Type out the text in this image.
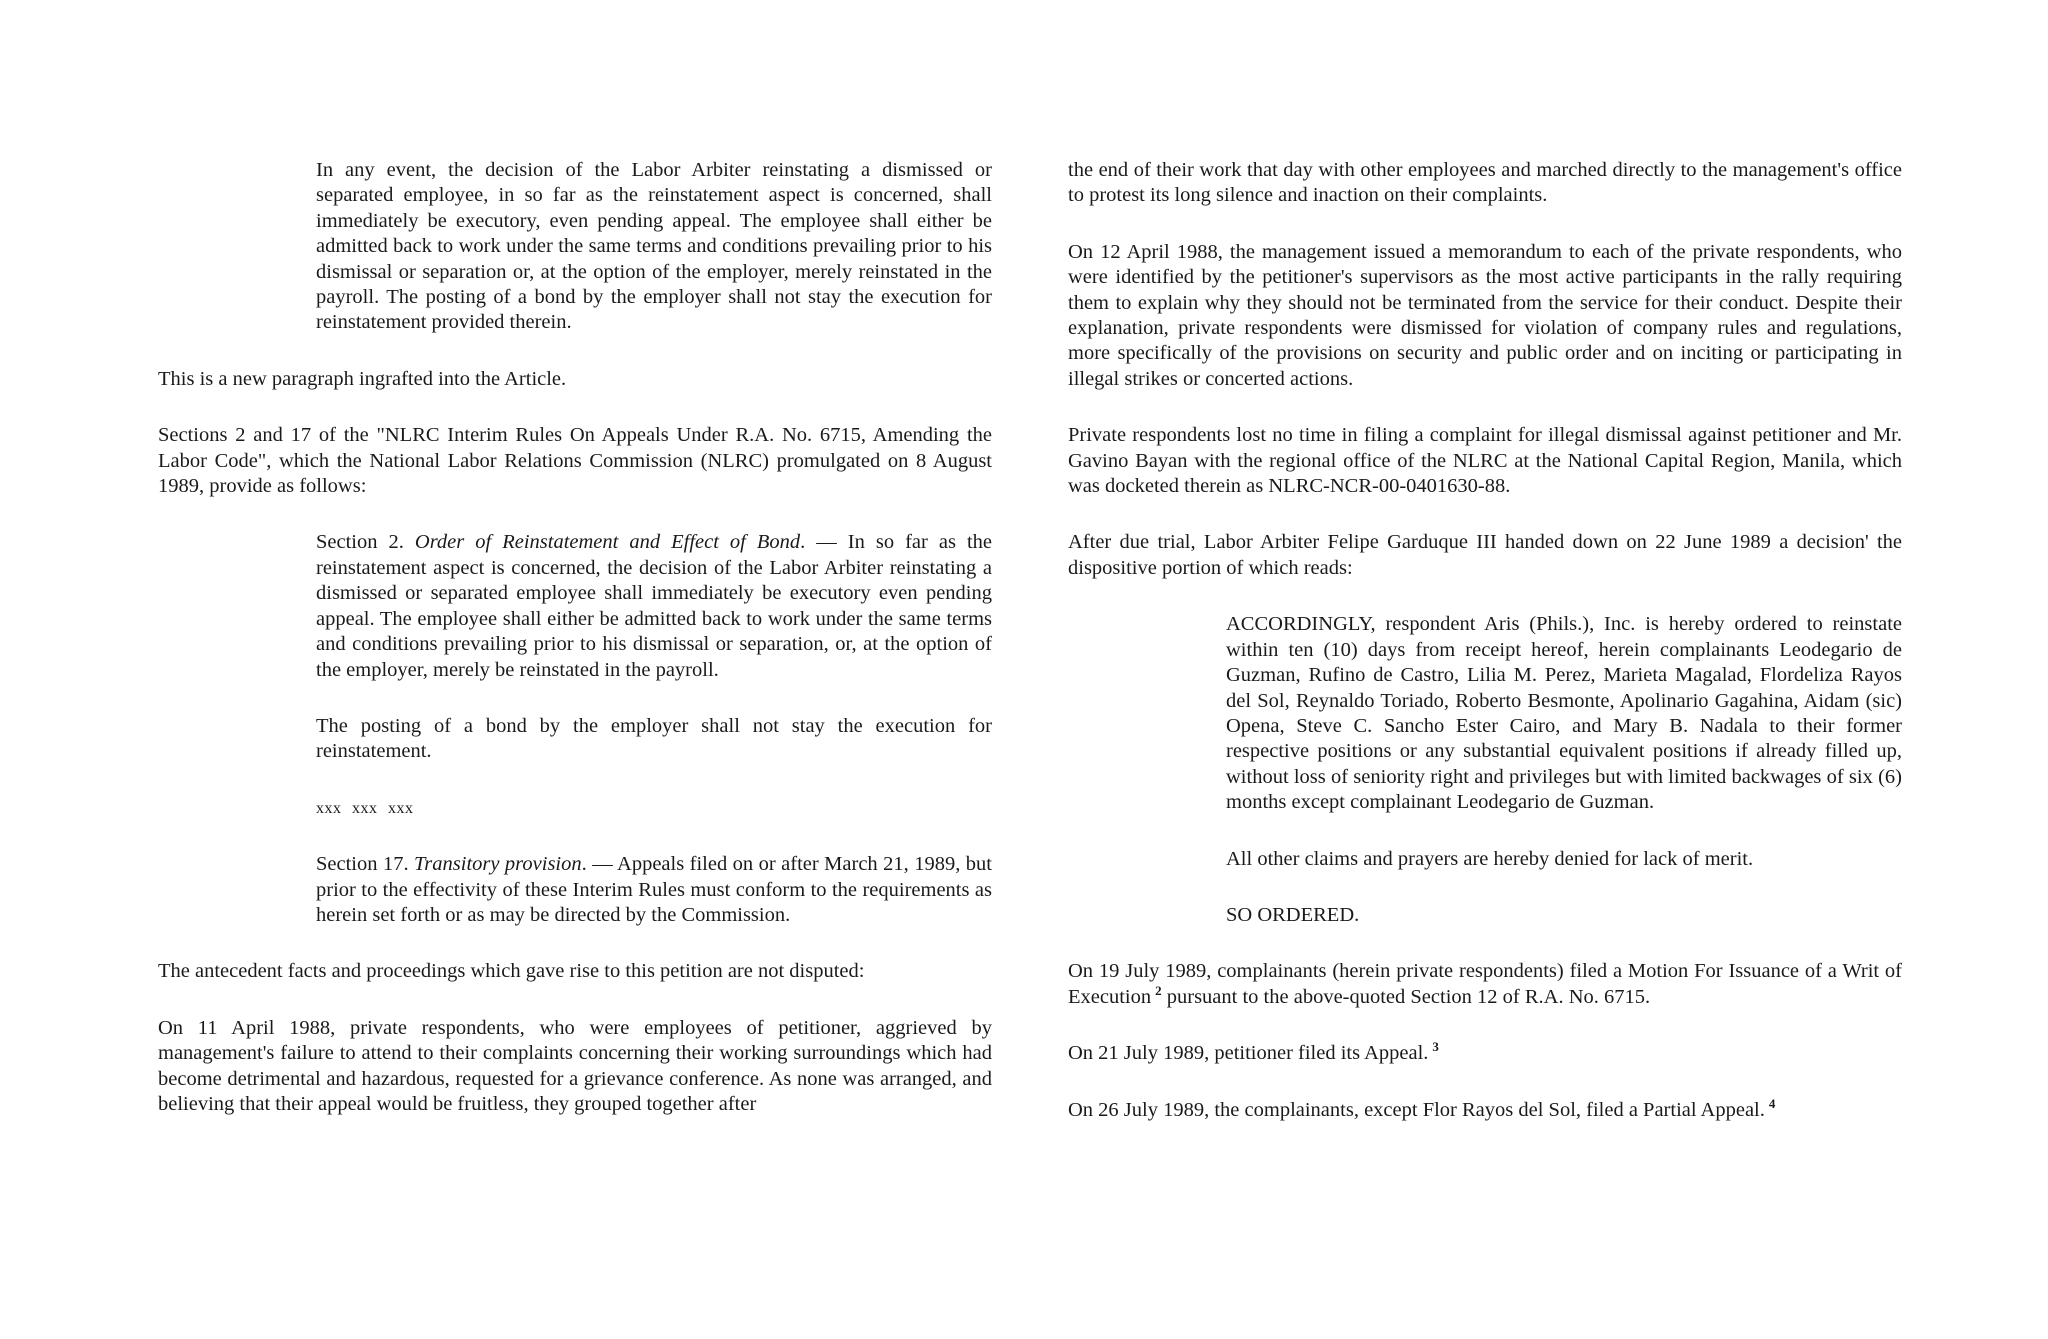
In any event, the decision of the Labor Arbiter reinstating a dismissed or separated employee, in so far as the reinstatement aspect is concerned, shall immediately be executory, even pending appeal. The employee shall either be admitted back to work under the same terms and conditions prevailing prior to his dismissal or separation or, at the option of the employer, merely reinstated in the payroll. The posting of a bond by the employer shall not stay the execution for reinstatement provided therein.

This is a new paragraph ingrafted into the Article.

Sections 2 and 17 of the "NLRC Interim Rules On Appeals Under R.A. No. 6715, Amending the Labor Code", which the National Labor Relations Commission (NLRC) promulgated on 8 August 1989, provide as follows:

Section 2. Order of Reinstatement and Effect of Bond. — In so far as the reinstatement aspect is concerned, the decision of the Labor Arbiter reinstating a dismissed or separated employee shall immediately be executory even pending appeal. The employee shall either be admitted back to work under the same terms and conditions prevailing prior to his dismissal or separation, or, at the option of the employer, merely be reinstated in the payroll.

The posting of a bond by the employer shall not stay the execution for reinstatement.

xxx xxx xxx

Section 17. Transitory provision. — Appeals filed on or after March 21, 1989, but prior to the effectivity of these Interim Rules must conform to the requirements as herein set forth or as may be directed by the Commission.

The antecedent facts and proceedings which gave rise to this petition are not disputed:

On 11 April 1988, private respondents, who were employees of petitioner, aggrieved by management's failure to attend to their complaints concerning their working surroundings which had become detrimental and hazardous, requested for a grievance conference. As none was arranged, and believing that their appeal would be fruitless, they grouped together after

the end of their work that day with other employees and marched directly to the management's office to protest its long silence and inaction on their complaints.

On 12 April 1988, the management issued a memorandum to each of the private respondents, who were identified by the petitioner's supervisors as the most active participants in the rally requiring them to explain why they should not be terminated from the service for their conduct. Despite their explanation, private respondents were dismissed for violation of company rules and regulations, more specifically of the provisions on security and public order and on inciting or participating in illegal strikes or concerted actions.

Private respondents lost no time in filing a complaint for illegal dismissal against petitioner and Mr. Gavino Bayan with the regional office of the NLRC at the National Capital Region, Manila, which was docketed therein as NLRC-NCR-00-0401630-88.

After due trial, Labor Arbiter Felipe Garduque III handed down on 22 June 1989 a decision' the dispositive portion of which reads:

ACCORDINGLY, respondent Aris (Phils.), Inc. is hereby ordered to reinstate within ten (10) days from receipt hereof, herein complainants Leodegario de Guzman, Rufino de Castro, Lilia M. Perez, Marieta Magalad, Flordeliza Rayos del Sol, Reynaldo Toriado, Roberto Besmonte, Apolinario Gagahina, Aidam (sic) Opena, Steve C. Sancho Ester Cairo, and Mary B. Nadala to their former respective positions or any substantial equivalent positions if already filled up, without loss of seniority right and privileges but with limited backwages of six (6) months except complainant Leodegario de Guzman.

All other claims and prayers are hereby denied for lack of merit.

SO ORDERED.

On 19 July 1989, complainants (herein private respondents) filed a Motion For Issuance of a Writ of Execution $^2$ pursuant to the above-quoted Section 12 of R.A. No. 6715.

On 21 July 1989, petitioner filed its Appeal. $^3$

On 26 July 1989, the complainants, except Flor Rayos del Sol, filed a Partial Appeal. $^4$
